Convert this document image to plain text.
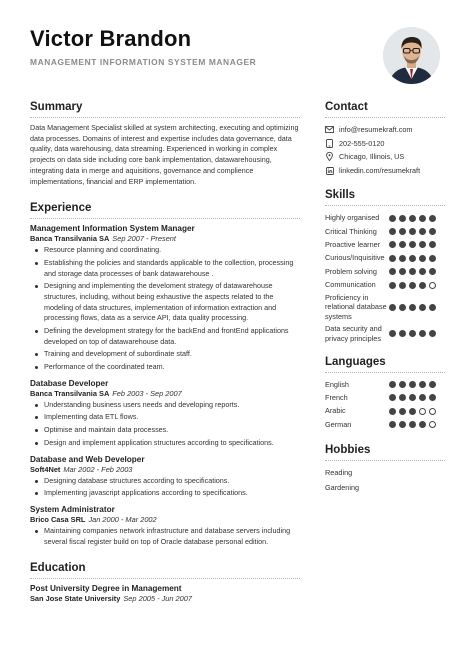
Victor Brandon
MANAGEMENT INFORMATION SYSTEM MANAGER
Summary
Data Management Specialist skilled at system architecting, executing and optimizing data processes. Domains of interest and expertise includes data governance, data quality, data warehousing, data streaming. Experienced in working in complex projects on data side including core bank implementation, datawarehousing, integrating data in merge and aquisitions, governance and complience implementations, financial and ERP implementation.
Experience
Management Information System Manager
Banca Transilvania SA Sep 2007 - Present
Resource planning and coordinating.
Establishing the policies and standards applicable to the collection, processing and storage data processes of bank datawarehouse .
Designing and implementing the develoment strategy of datawarehouse structures, including, without being exhaustive the aspects related to the modeling of data structures, implementation of information extraction and processing flows, data as a service API, data quality processing.
Defining the development strategy for the backEnd and frontEnd applications developed on top of datawarehouse data.
Training and development of subordinate staff.
Performance of the coordinated team.
Database Developer
Banca Transilvania SA Feb 2003 - Sep 2007
Understanding business users needs and developing reports.
Implementing data ETL flows.
Optimise and maintain data processes.
Design and implement application structures according to specifications.
Database and Web Developer
Soft4Net Mar 2002 - Feb 2003
Designing database structures according to specifications.
Implementing javascript applications according to specifications.
System Administrator
Brico Casa SRL Jan 2000 - Mar 2002
Maintaining companies network infrastructure and database servers including several fiscal register build on top of Oracle database personal edition.
Education
Post University Degree in Management
San Jose State University Sep 2005 - Jun 2007
Contact
info@resumekraft.com
202-555-0120
Chicago, Illinois, US
linkedin.com/resumekraft
Skills
Highly organised
Critical Thinking
Proactive learner
Curious/Inquisitive
Problem solving
Communication
Proficiency in relational database systems
Data security and privacy principles
Languages
English
French
Arabic
German
Hobbies
Reading
Gardening
